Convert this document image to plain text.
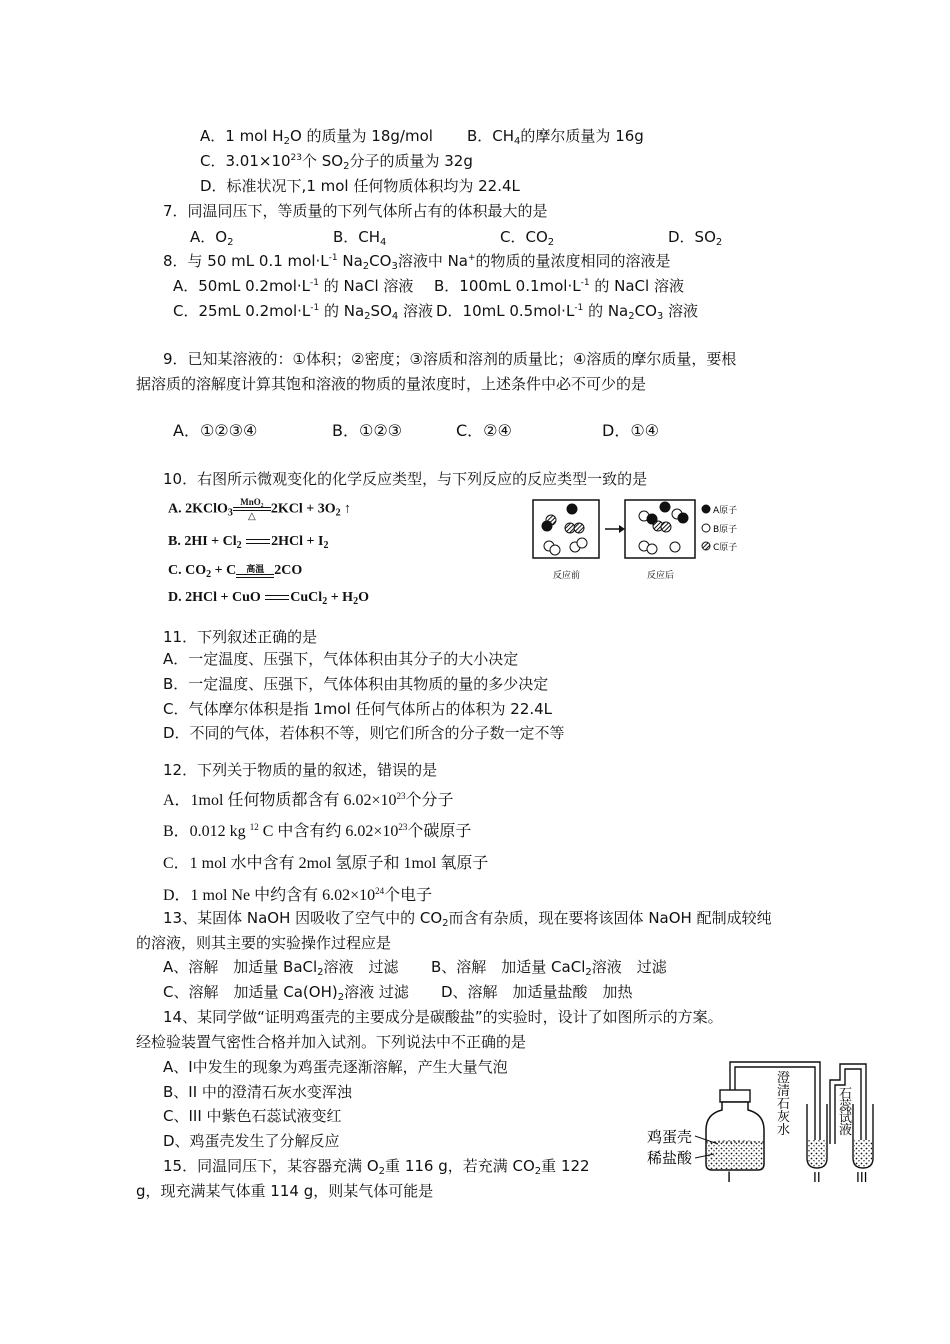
A．1 mol $H_2O$ 的质量为 18g/mol B．$CH_4$的摩尔质量为 16g
C．$3.01\times 10^{23}$个 $SO_2$分子的质量为 32g
D．标准状况下,1 mol 任何物质体积均为 22.4L
7．同温同压下，等质量的下列气体所占有的体积最大的是
A．$O_2$	B．$CH_4$	C．$CO_2$	D．$SO_2$
8．与 50 mL 0.1 $mol\cdot L^{-1}$ $Na_2CO_3$溶液中 Na+的物质的量浓度相同的溶液是
A．50mL $0.2mol\cdot L^{-1}$ 的 NaCl 溶液 B．100mL $0.1mol\cdot L^{-1}$ 的 NaCl 溶液
C．25mL $0.2mol\cdot L^{-1}$ 的 $Na_2SO_4$ 溶液 D．10mL $0.5mol\cdot L^{-1}$ 的 $Na_2CO_3$ 溶液
9．已知某溶液的：①体积；②密度；③溶质和溶剂的质量比；④溶质的摩尔质量，要根
据溶质的溶解度计算其饱和溶液的物质的量浓度时，上述条件中必不可少的是
A．①②③④	B．①②③	C．②④	D．①④
10．右图所示微观变化的化学反应类型，与下列反应的反应类型一致的是
A. 2KClO$_3$
MnO₂
△	$2KCl + 3O_2$ ↑
B. $2HI + Cl_2$ $2HCl + I_2$
C. $CO_2 + C$	高温 2CO
D. 2HCl + CuO CuCl$_2$ + $H_2O$
反应前	反应后
A原子
B原子
C原子
11．下列叙述正确的是
A．一定温度、压强下，气体体积由其分子的大小决定
B．一定温度、压强下，气体体积由其物质的量的多少决定
C．气体摩尔体积是指 1mol 任何气体所占的体积为 22.4L
D．不同的气体，若体积不等，则它们所含的分子数一定不等
12．下列关于物质的量的叙述，错误的是
A．1mol 任何物质都含有 $6.02\times 10^{23}$个分子
B．0.012 kg $^{12}$ C 中含有约 $6.02\times 10^{23}$个碳原子
C．1 mol 水中含有 2mol 氢原子和 1mol 氧原子
D．1 mol Ne 中约含有 $6.02\times 10^{24}$个电子
13、某固体 NaOH 因吸收了空气中的 $CO_2$而含有杂质，现在要将该固体 NaOH 配制成较纯
的溶液，则其主要的实验操作过程应是
A、溶解　加适量 BaCl$_2$溶液　过滤 B、溶解　加适量 CaCl$_2$溶液　过滤
C、溶解　加适量 $Ca(OH)_2$溶液 过滤 D、溶解　加适量盐酸　加热
14、某同学做“证明鸡蛋壳的主要成分是碳酸盐”的实验时，设计了如图所示的方案。
经检验装置气密性合格并加入试剂。下列说法中不正确的是
A、Ⅰ中发生的现象为鸡蛋壳逐渐溶解，产生大量气泡
B、II 中的澄清石灰水变浑浊
C、III 中紫色石蕊试液变红
D、鸡蛋壳发生了分解反应	鸡蛋壳
稀盐酸
I	II	III
澄清石灰水
石蕊试液
15．同温同压下，某容器充满 $O_2$重 116 g，若充满 $CO_2$重 122
g，现充满某气体重 114 g，则某气体可能是
